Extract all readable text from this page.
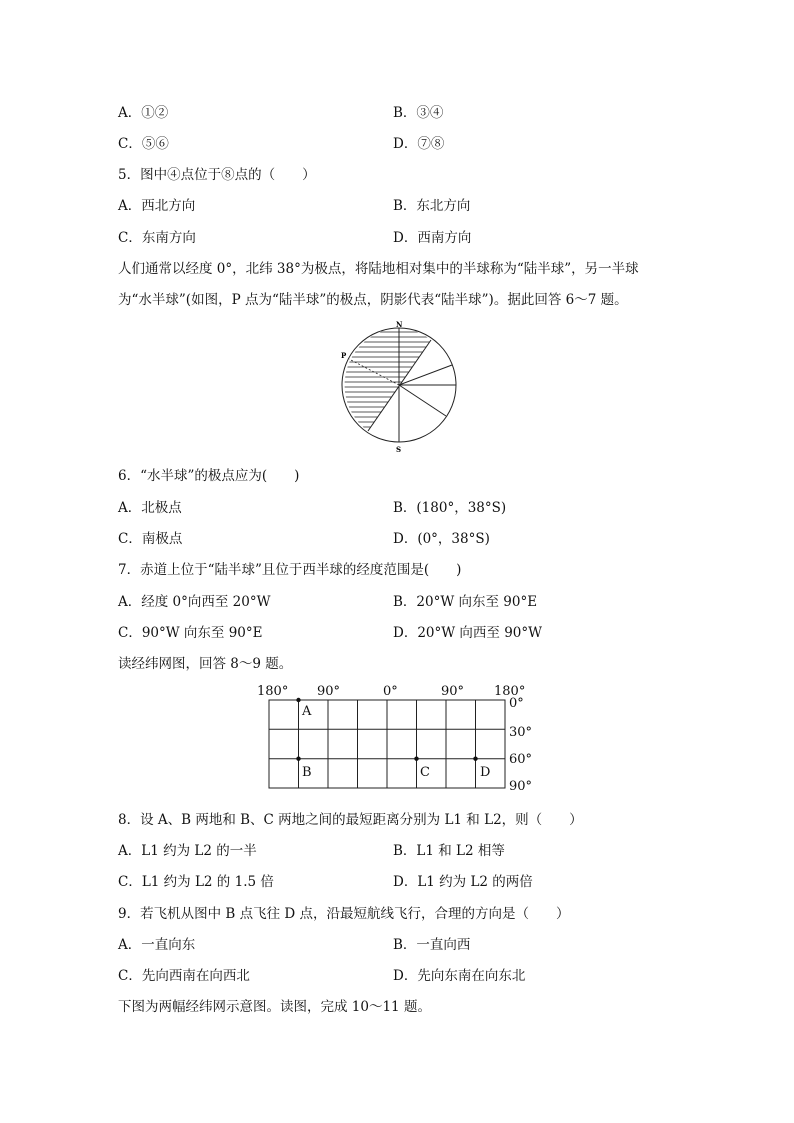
A．①②	B．③④
C．⑤⑥	D．⑦⑧
5．图中④点位于⑧点的（　　）
A．西北方向	B．东北方向
C．东南方向	D．西南方向
人们通常以经度 0°，北纬 38°为极点，将陆地相对集中的半球称为“陆半球”，另一半球
为“水半球”(如图，P 点为“陆半球”的极点，阴影代表“陆半球”)。据此回答 6～7 题。
N
S
P
6．“水半球”的极点应为(　　)
A．北极点	B．(180°，38°S)
C．南极点	D．(0°，38°S)
7．赤道上位于“陆半球”且位于西半球的经度范围是(　　)
A．经度 0°向西至 20°W	B．20°W 向东至 90°E
C．90°W 向东至 90°E	D．20°W 向西至 90°W
读经纬网图，回答 8～9 题。
180° 90°	0°	90° 180°
0°
30°
60°
90°
A
B	C	D
8．设 A、B 两地和 B、C 两地之间的最短距离分别为 L1 和 L2，则（　　）
A．L1 约为 L2 的一半	B．L1 和 L2 相等
C．L1 约为 L2 的 1.5 倍	D．L1 约为 L2 的两倍
9．若飞机从图中 B 点飞往 D 点，沿最短航线飞行，合理的方向是（　　）
A．一直向东	B．一直向西
C．先向西南在向西北	D．先向东南在向东北
下图为两幅经纬网示意图。读图，完成 10～11 题。
